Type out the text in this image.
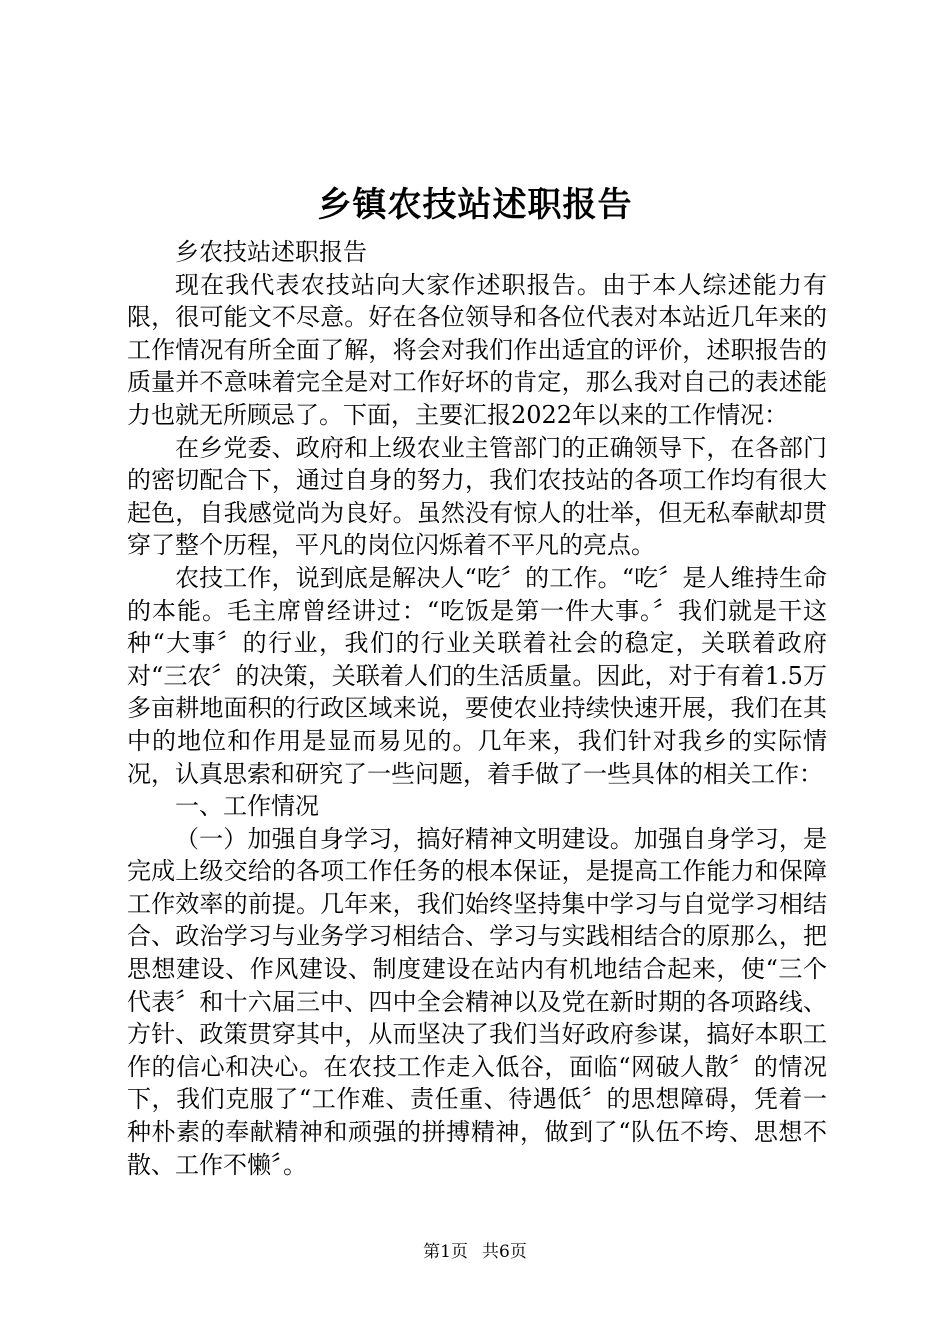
乡镇农技站述职报告

乡农技站述职报告

现在我代表农技站向大家作述职报告。由于本人综述能力有限，很可能文不尽意。好在各位领导和各位代表对本站近几年来的工作情况有所全面了解，将会对我们作出适宜的评价，述职报告的质量并不意味着完全是对工作好坏的肯定，那么我对自己的表述能力也就无所顾忌了。下面，主要汇报2022年以来的工作情况：

在乡党委、政府和上级农业主管部门的正确领导下，在各部门的密切配合下，通过自身的努力，我们农技站的各项工作均有很大起色，自我感觉尚为良好。虽然没有惊人的壮举，但无私奉献却贯穿了整个历程，平凡的岗位闪烁着不平凡的亮点。

农技工作，说到底是解决人“吃〞的工作。“吃〞是人维持生命的本能。毛主席曾经讲过：“吃饭是第一件大事。〞我们就是干这种“大事〞的行业，我们的行业关联着社会的稳定，关联着政府对“三农〞的决策，关联着人们的生活质量。因此，对于有着1.5万多亩耕地面积的行政区域来说，要使农业持续快速开展，我们在其中的地位和作用是显而易见的。几年来，我们针对我乡的实际情况，认真思索和研究了一些问题，着手做了一些具体的相关工作：

一、工作情况

（一）加强自身学习，搞好精神文明建设。加强自身学习，是完成上级交给的各项工作任务的根本保证，是提高工作能力和保障工作效率的前提。几年来，我们始终坚持集中学习与自觉学习相结合、政治学习与业务学习相结合、学习与实践相结合的原那么，把思想建设、作风建设、制度建设在站内有机地结合起来，使“三个代表〞和十六届三中、四中全会精神以及党在新时期的各项路线、方针、政策贯穿其中，从而坚决了我们当好政府参谋，搞好本职工作的信心和决心。在农技工作走入低谷，面临“网破人散〞的情况下，我们克服了“工作难、责任重、待遇低〞的思想障碍，凭着一种朴素的奉献精神和顽强的拼搏精神，做到了“队伍不垮、思想不散、工作不懒〞。

第1页 共6页
